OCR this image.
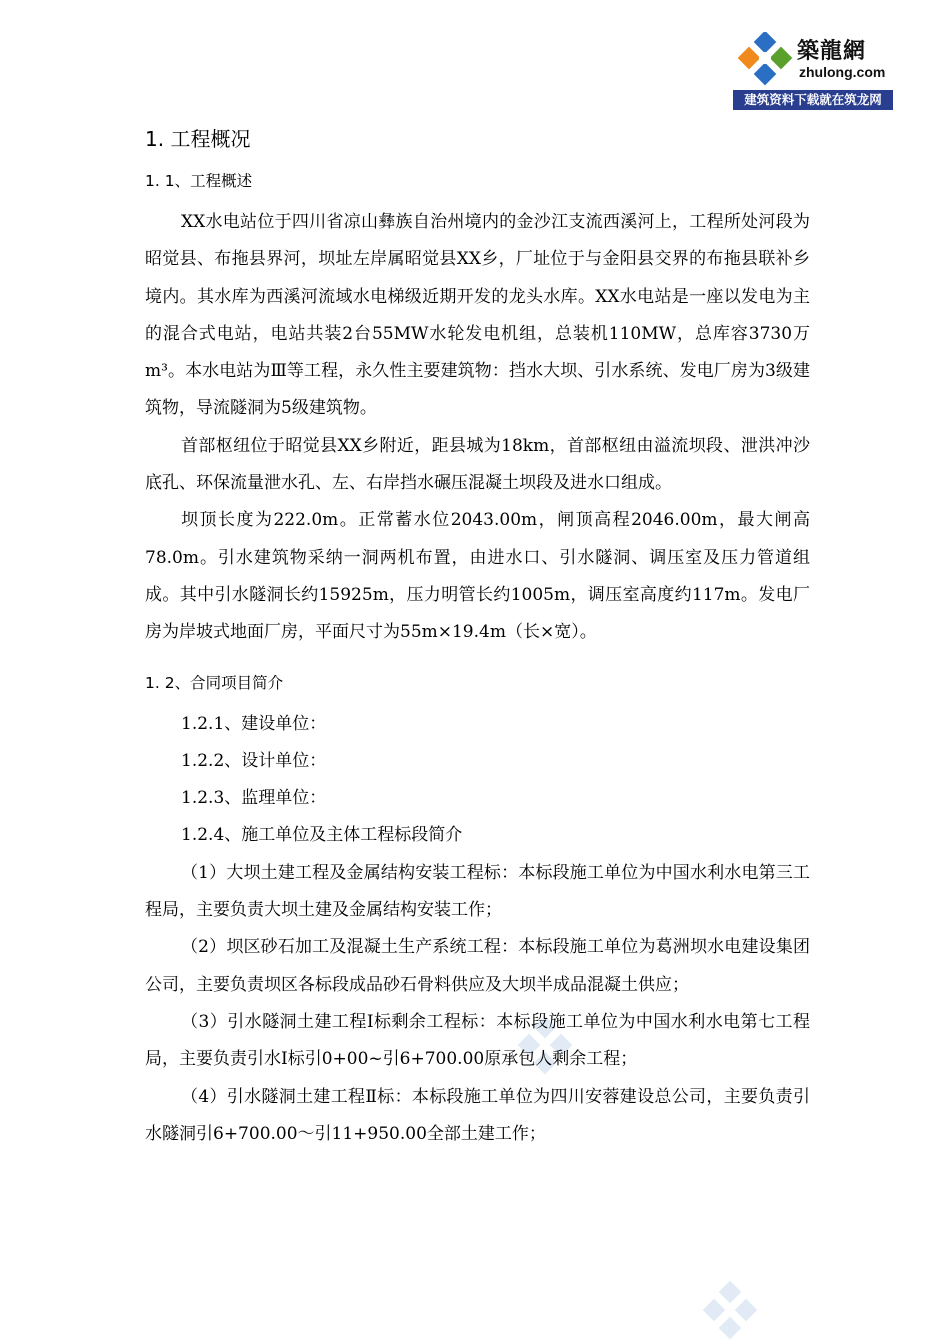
築龍網
zhulong.com
建筑资料下载就在筑龙网
1. 工程概况
1. 1、工程概述

XX水电站位于四川省凉山彝族自治州境内的金沙江支流西溪河上，工程所处河段为昭觉县、布拖县界河，坝址左岸属昭觉县XX乡，厂址位于与金阳县交界的布拖县联补乡境内。其水库为西溪河流域水电梯级近期开发的龙头水库。XX水电站是一座以发电为主的混合式电站，电站共装2台55MW水轮发电机组，总装机110MW，总库容3730万m³。本水电站为Ⅲ等工程，永久性主要建筑物：挡水大坝、引水系统、发电厂房为3级建筑物，导流隧洞为5级建筑物。

首部枢纽位于昭觉县XX乡附近，距县城为18km，首部枢纽由溢流坝段、泄洪冲沙底孔、环保流量泄水孔、左、右岸挡水碾压混凝土坝段及进水口组成。

坝顶长度为222.0m。正常蓄水位2043.00m，闸顶高程2046.00m，最大闸高78.0m。引水建筑物采纳一洞两机布置，由进水口、引水隧洞、调压室及压力管道组成。其中引水隧洞长约15925m，压力明管长约1005m，调压室高度约117m。发电厂房为岸坡式地面厂房，平面尺寸为55m×19.4m（长×宽）。

1. 2、合同项目简介

1.2.1、建设单位：

1.2.2、设计单位：

1.2.3、监理单位：

1.2.4、施工单位及主体工程标段简介

（1）大坝土建工程及金属结构安装工程标：本标段施工单位为中国水利水电第三工程局，主要负责大坝土建及金属结构安装工作；

（2）坝区砂石加工及混凝土生产系统工程：本标段施工单位为葛洲坝水电建设集团公司，主要负责坝区各标段成品砂石骨料供应及大坝半成品混凝土供应；

（3）引水隧洞土建工程Ⅰ标剩余工程标：本标段施工单位为中国水利水电第七工程局，主要负责引水Ⅰ标引0+00~引6+700.00原承包人剩余工程；

（4）引水隧洞土建工程Ⅱ标：本标段施工单位为四川安蓉建设总公司，主要负责引水隧洞引6+700.00～引11+950.00全部土建工作；
